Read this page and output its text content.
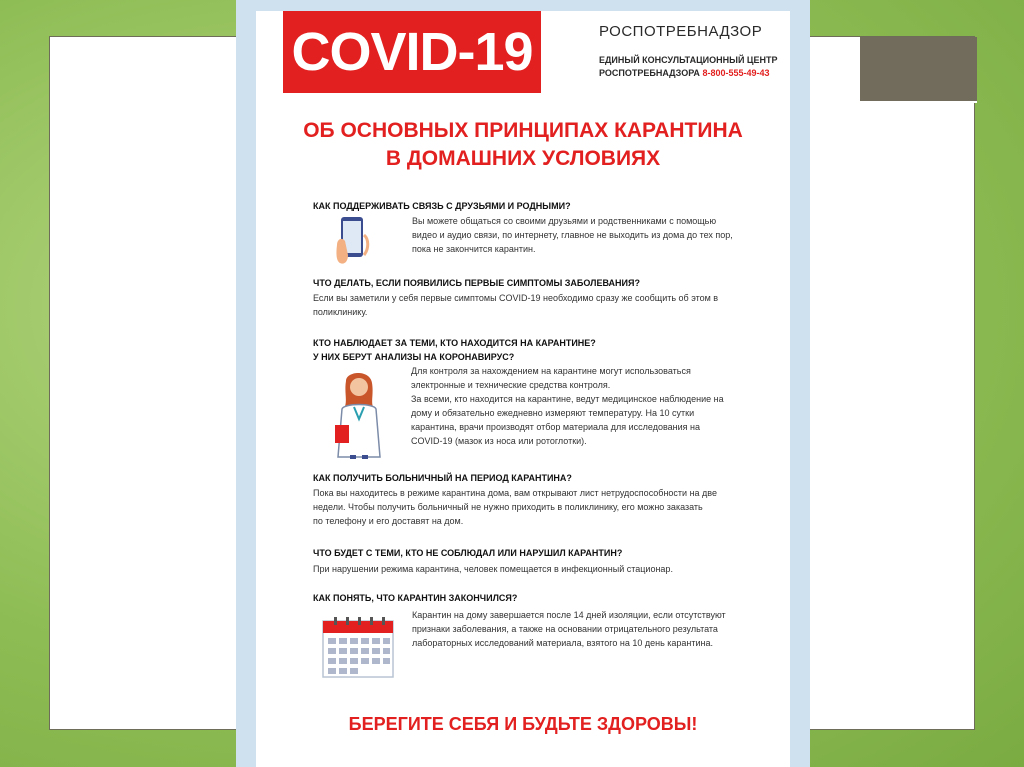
COVID-19	РОСПОТРЕБНАДЗОР
ЕДИНЫЙ КОНСУЛЬТАЦИОННЫЙ ЦЕНТР
РОСПОТРЕБНАДЗОРА 8-800-555-49-43
ОБ ОСНОВНЫХ ПРИНЦИПАХ КАРАНТИНА
В ДОМАШНИХ УСЛОВИЯХ
КАК ПОДДЕРЖИВАТЬ СВЯЗЬ С ДРУЗЬЯМИ И РОДНЫМИ?
Вы можете общаться со своими друзьями и родственниками с помощью
видео и аудио связи, по интернету, главное не выходить из дома до тех пор,
пока не закончится карантин.
ЧТО ДЕЛАТЬ, ЕСЛИ ПОЯВИЛИСЬ ПЕРВЫЕ СИМПТОМЫ ЗАБОЛЕВАНИЯ?
Если вы заметили у себя первые симптомы COVID-19 необходимо сразу же сообщить об этом в
поликлинику.
КТО НАБЛЮДАЕТ ЗА ТЕМИ, КТО НАХОДИТСЯ НА КАРАНТИНЕ?
У НИХ БЕРУТ АНАЛИЗЫ НА КОРОНАВИРУС?
Для контроля за нахождением на карантине могут использоваться
электронные и технические средства контроля.
За всеми, кто находится на карантине, ведут медицинское наблюдение на
дому и обязательно ежедневно измеряют температуру. На 10 сутки
карантина, врачи производят отбор материала для исследования на
COVID-19 (мазок из носа или ротоглотки).
КАК ПОЛУЧИТЬ БОЛЬНИЧНЫЙ НА ПЕРИОД КАРАНТИНА?
Пока вы находитесь в режиме карантина дома, вам открывают лист нетрудоспособности на две
недели. Чтобы получить больничный не нужно приходить в поликлинику, его можно заказать
по телефону и его доставят на дом.
ЧТО БУДЕТ С ТЕМИ, КТО НЕ СОБЛЮДАЛ ИЛИ НАРУШИЛ КАРАНТИН?
При нарушении режима карантина, человек помещается в инфекционный стационар.
КАК ПОНЯТЬ, ЧТО КАРАНТИН ЗАКОНЧИЛСЯ?
Карантин на дому завершается после 14 дней изоляции, если отсутствуют
признаки заболевания, а также на основании отрицательного результата
лабораторных исследований материала, взятого на 10 день карантина.
БЕРЕГИТЕ СЕБЯ И БУДЬТЕ ЗДОРОВЫ!
